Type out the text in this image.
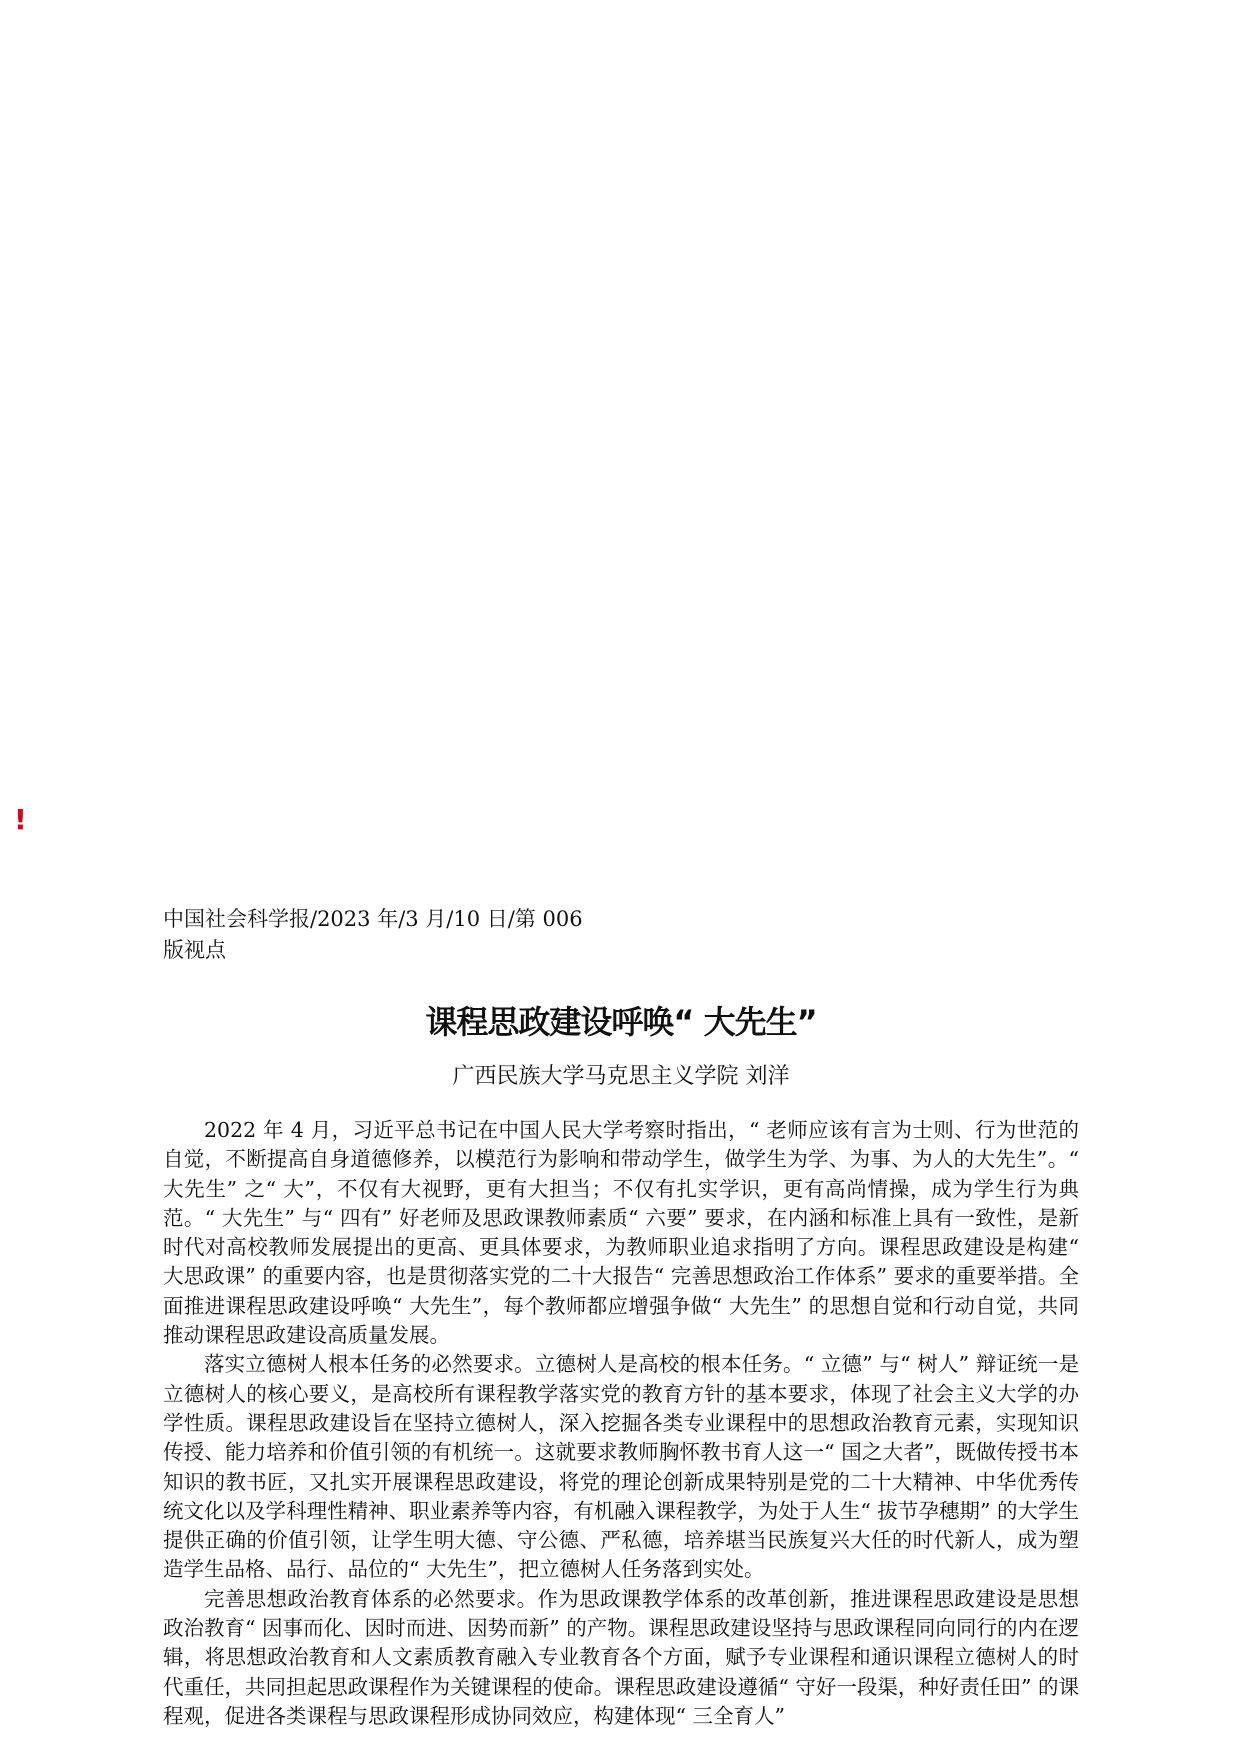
!

中国社会科学报/2023 年/3 月/10 日/第 006

版视点

课程思政建设呼唤“ 大先生”

广西民族大学马克思主义学院 刘洋

2022 年 4 月，习近平总书记在中国人民大学考察时指出，“ 老师应该有言为士则、行为世范的自觉，不断提高自身道德修养，以模范行为影响和带动学生，做学生为学、为事、为人的大先生”。“ 大先生” 之“ 大”，不仅有大视野，更有大担当；不仅有扎实学识，更有高尚情操，成为学生行为典范。“ 大先生” 与“ 四有” 好老师及思政课教师素质“ 六要” 要求，在内涵和标准上具有一致性，是新时代对高校教师发展提出的更高、更具体要求，为教师职业追求指明了方向。课程思政建设是构建“ 大思政课” 的重要内容，也是贯彻落实党的二十大报告“ 完善思想政治工作体系” 要求的重要举措。全面推进课程思政建设呼唤“ 大先生”，每个教师都应增强争做“ 大先生” 的思想自觉和行动自觉，共同推动课程思政建设高质量发展。

落实立德树人根本任务的必然要求。立德树人是高校的根本任务。“ 立德” 与“ 树人” 辩证统一是立德树人的核心要义，是高校所有课程教学落实党的教育方针的基本要求，体现了社会主义大学的办学性质。课程思政建设旨在坚持立德树人，深入挖掘各类专业课程中的思想政治教育元素，实现知识传授、能力培养和价值引领的有机统一。这就要求教师胸怀教书育人这一“ 国之大者”，既做传授书本知识的教书匠，又扎实开展课程思政建设，将党的理论创新成果特别是党的二十大精神、中华优秀传统文化以及学科理性精神、职业素养等内容，有机融入课程教学，为处于人生“ 拔节孕穗期” 的大学生提供正确的价值引领，让学生明大德、守公德、严私德，培养堪当民族复兴大任的时代新人，成为塑造学生品格、品行、品位的“ 大先生”，把立德树人任务落到实处。

完善思想政治教育体系的必然要求。作为思政课教学体系的改革创新，推进课程思政建设是思想政治教育“ 因事而化、因时而进、因势而新” 的产物。课程思政建设坚持与思政课程同向同行的内在逻辑，将思想政治教育和人文素质教育融入专业教育各个方面，赋予专业课程和通识课程立德树人的时代重任，共同担起思政课程作为关键课程的使命。课程思政建设遵循“ 守好一段渠，种好责任田” 的课程观，促进各类课程与思政课程形成协同效应，构建体现“ 三全育人”
